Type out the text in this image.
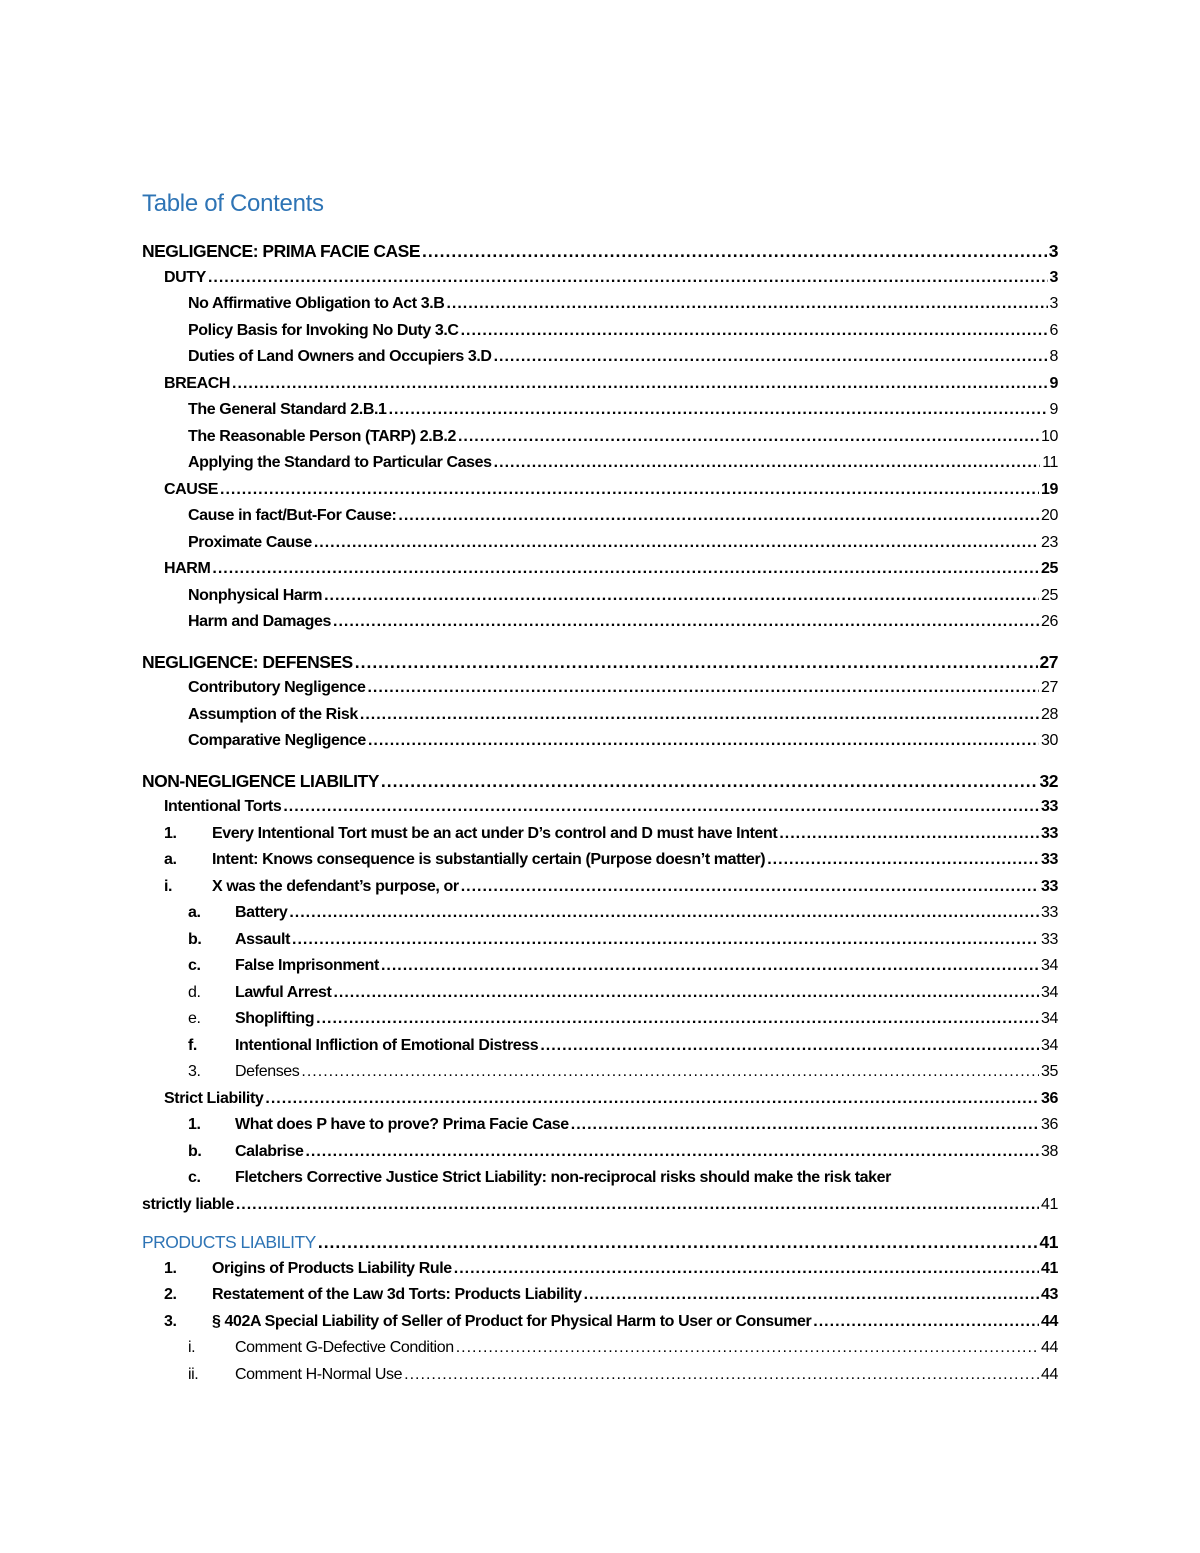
Table of Contents
NEGLIGENCE: PRIMA FACIE CASE .....	3
DUTY .....	3
No Affirmative Obligation to Act 3.B .....	3
Policy Basis for Invoking No Duty 3.C .....	6
Duties of Land Owners and Occupiers 3.D .....	8
BREACH .....	9
The General Standard 2.B.1 .....	9
The Reasonable Person (TARP) 2.B.2 .....	10
Applying the Standard to Particular Cases .....	11
CAUSE .....	19
Cause in fact/But-For Cause: .....	20
Proximate Cause .....	23
HARM .....	25
Nonphysical Harm .....	25
Harm and Damages .....	26
NEGLIGENCE: DEFENSES .....	27
Contributory Negligence .....	27
Assumption of the Risk .....	28
Comparative Negligence .....	30
NON-NEGLIGENCE LIABILITY .....	32
Intentional Torts .....	33
1.	Every Intentional Tort must be an act under D’s control and D must have Intent .....	33
a.	Intent: Knows consequence is substantially certain (Purpose doesn’t matter) .....	33
i.	X was the defendant’s purpose, or .....	33
a.	Battery .....	33
b.	Assault .....	33
c.	False Imprisonment .....	34
d.	Lawful Arrest .....	34
e.	Shoplifting .....	34
f.	Intentional Infliction of Emotional Distress .....	34
3.	Defenses .....	35
Strict Liability .....	36
1.	What does P have to prove? Prima Facie Case .....	36
b.	Calabrise .....	38
c. Fletchers Corrective Justice Strict Liability: non-reciprocal risks should make the risk taker
strictly liable .....	41
PRODUCTS LIABILITY .....	41
1.	Origins of Products Liability Rule .....	41
2.	Restatement of the Law 3d Torts: Products Liability .....	43
3.	§ 402A Special Liability of Seller of Product for Physical Harm to User or Consumer .....	44
i.	Comment G-Defective Condition .....	44
ii.	Comment H-Normal Use .....	44
